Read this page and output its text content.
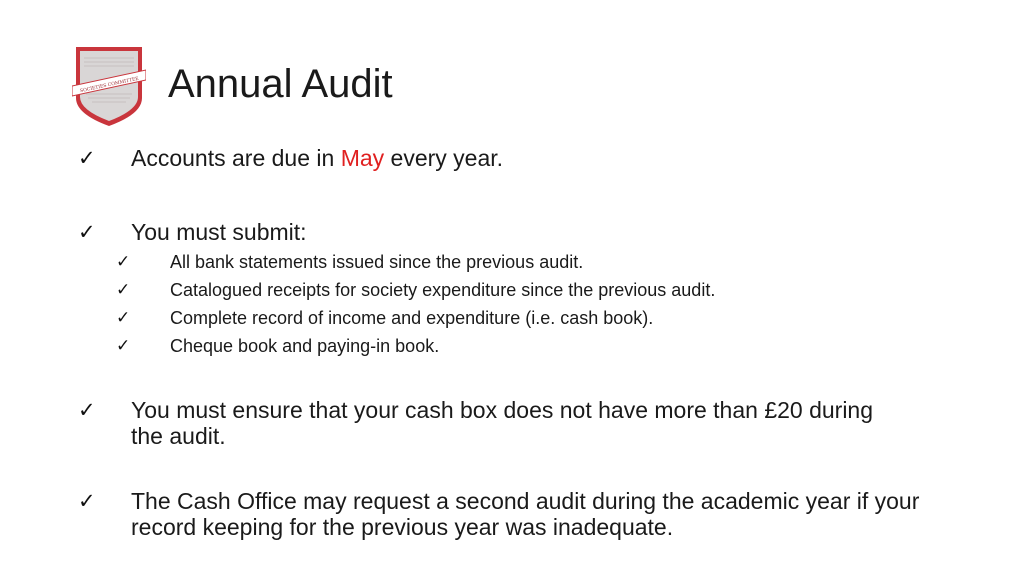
SOCIETIES COMMITTEE Annual Audit
✓ Accounts are due in May every year.
✓ You must submit:
✓ All bank statements issued since the previous audit.
✓ Catalogued receipts for society expenditure since the previous audit.
✓ Complete record of income and expenditure (i.e. cash book).
✓ Cheque book and paying-in book.
✓ You must ensure that your cash box does not have more than £20 during the audit.
✓ The Cash Office may request a second audit during the academic year if your record keeping for the previous year was inadequate.
